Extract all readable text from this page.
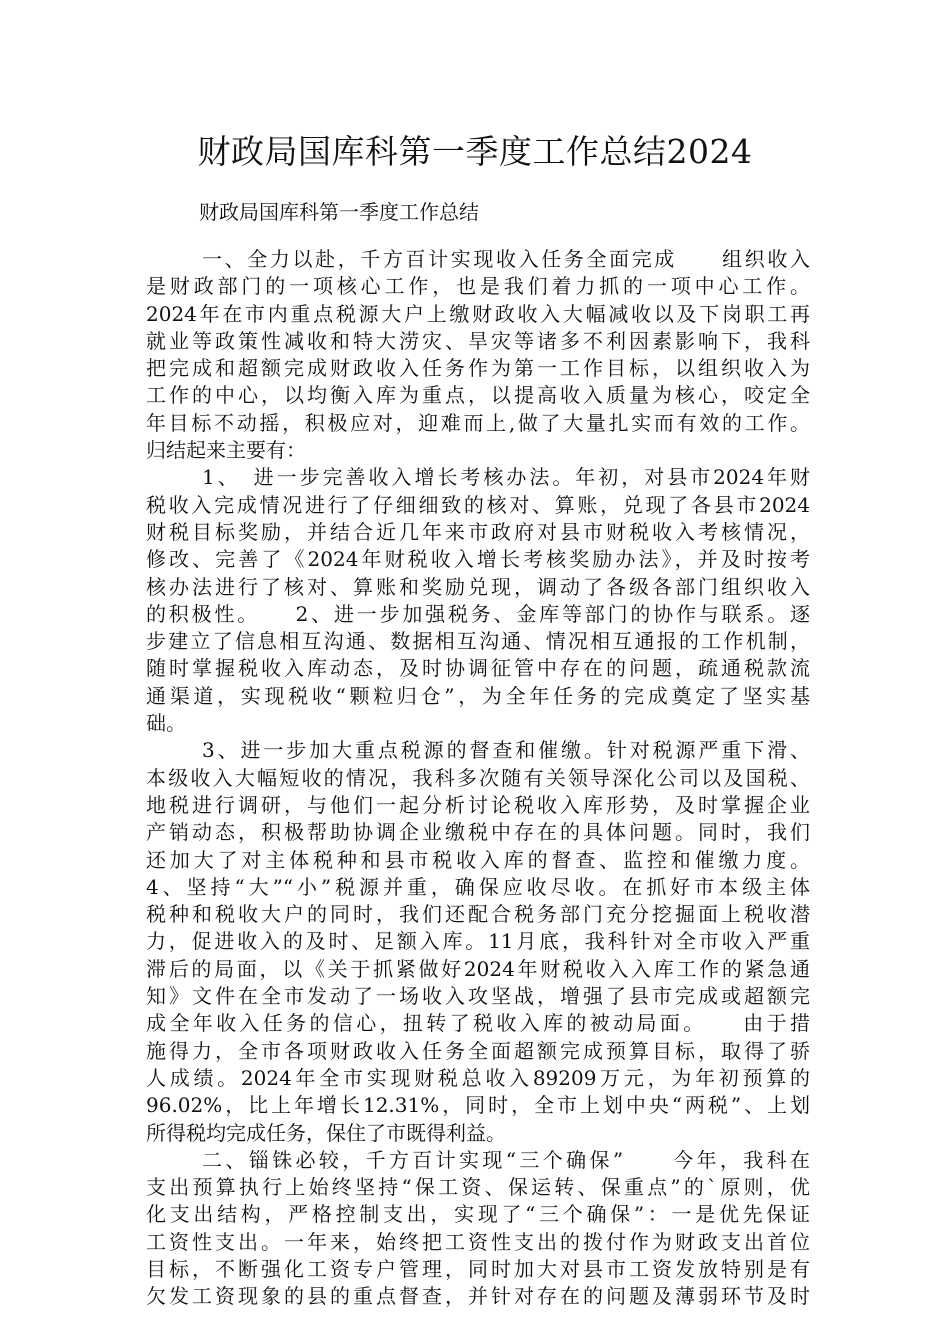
财政局国库科第一季度工作总结2024
财政局国库科第一季度工作总结
一、全力以赴，千方百计实现收入任务全面完成　　组织收入
是财政部门的一项核心工作，也是我们着力抓的一项中心工作。
2024年在市内重点税源大户上缴财政收入大幅减收以及下岗职工再
就业等政策性减收和特大涝灾、旱灾等诸多不利因素影响下，我科
把完成和超额完成财政收入任务作为第一工作目标，以组织收入为
工作的中心，以均衡入库为重点，以提高收入质量为核心，咬定全
年目标不动摇，积极应对，迎难而上,做了大量扎实而有效的工作。
归结起来主要有：
1、　进一步完善收入增长考核办法。年初，对县市2024年财
税收入完成情况进行了仔细细致的核对、算账，兑现了各县市2024
财税目标奖励，并结合近几年来市政府对县市财税收入考核情况，
修改、完善了《2024年财税收入增长考核奖励办法》，并及时按考
核办法进行了核对、算账和奖励兑现，调动了各级各部门组织收入
的积极性。　　2、进一步加强税务、金库等部门的协作与联系。逐
步建立了信息相互沟通、数据相互沟通、情况相互通报的工作机制，
随时掌握税收入库动态，及时协调征管中存在的问题，疏通税款流
通渠道，实现税收“颗粒归仓”，为全年任务的完成奠定了坚实基
础。
3、进一步加大重点税源的督查和催缴。针对税源严重下滑、
本级收入大幅短收的情况，我科多次随有关领导深化公司以及国税、
地税进行调研，与他们一起分析讨论税收入库形势，及时掌握企业
产销动态，积极帮助协调企业缴税中存在的具体问题。同时，我们
还加大了对主体税种和县市税收入库的督查、监控和催缴力度。
4、坚持“大”“小”税源并重，确保应收尽收。在抓好市本级主体
税种和税收大户的同时，我们还配合税务部门充分挖掘面上税收潜
力，促进收入的及时、足额入库。11月底，我科针对全市收入严重
滞后的局面，以《关于抓紧做好2024年财税收入入库工作的紧急通
知》文件在全市发动了一场收入攻坚战，增强了县市完成或超额完
成全年收入任务的信心，扭转了税收入库的被动局面。　　由于措
施得力，全市各项财政收入任务全面超额完成预算目标，取得了骄
人成绩。2024年全市实现财税总收入89209万元，为年初预算的
96.02%，比上年增长12.31%，同时，全市上划中央“两税”、上划
所得税均完成任务，保住了市既得利益。
二、锱铢必较，千方百计实现“三个确保”　　今年，我科在
支出预算执行上始终坚持“保工资、保运转、保重点”的`原则，优
化支出结构，严格控制支出，实现了“三个确保”：一是优先保证
工资性支出。一年来，始终把工资性支出的拨付作为财政支出首位
目标，不断强化工资专户管理，同时加大对县市工资发放特别是有
欠发工资现象的县的重点督查，并针对存在的问题及薄弱环节及时
